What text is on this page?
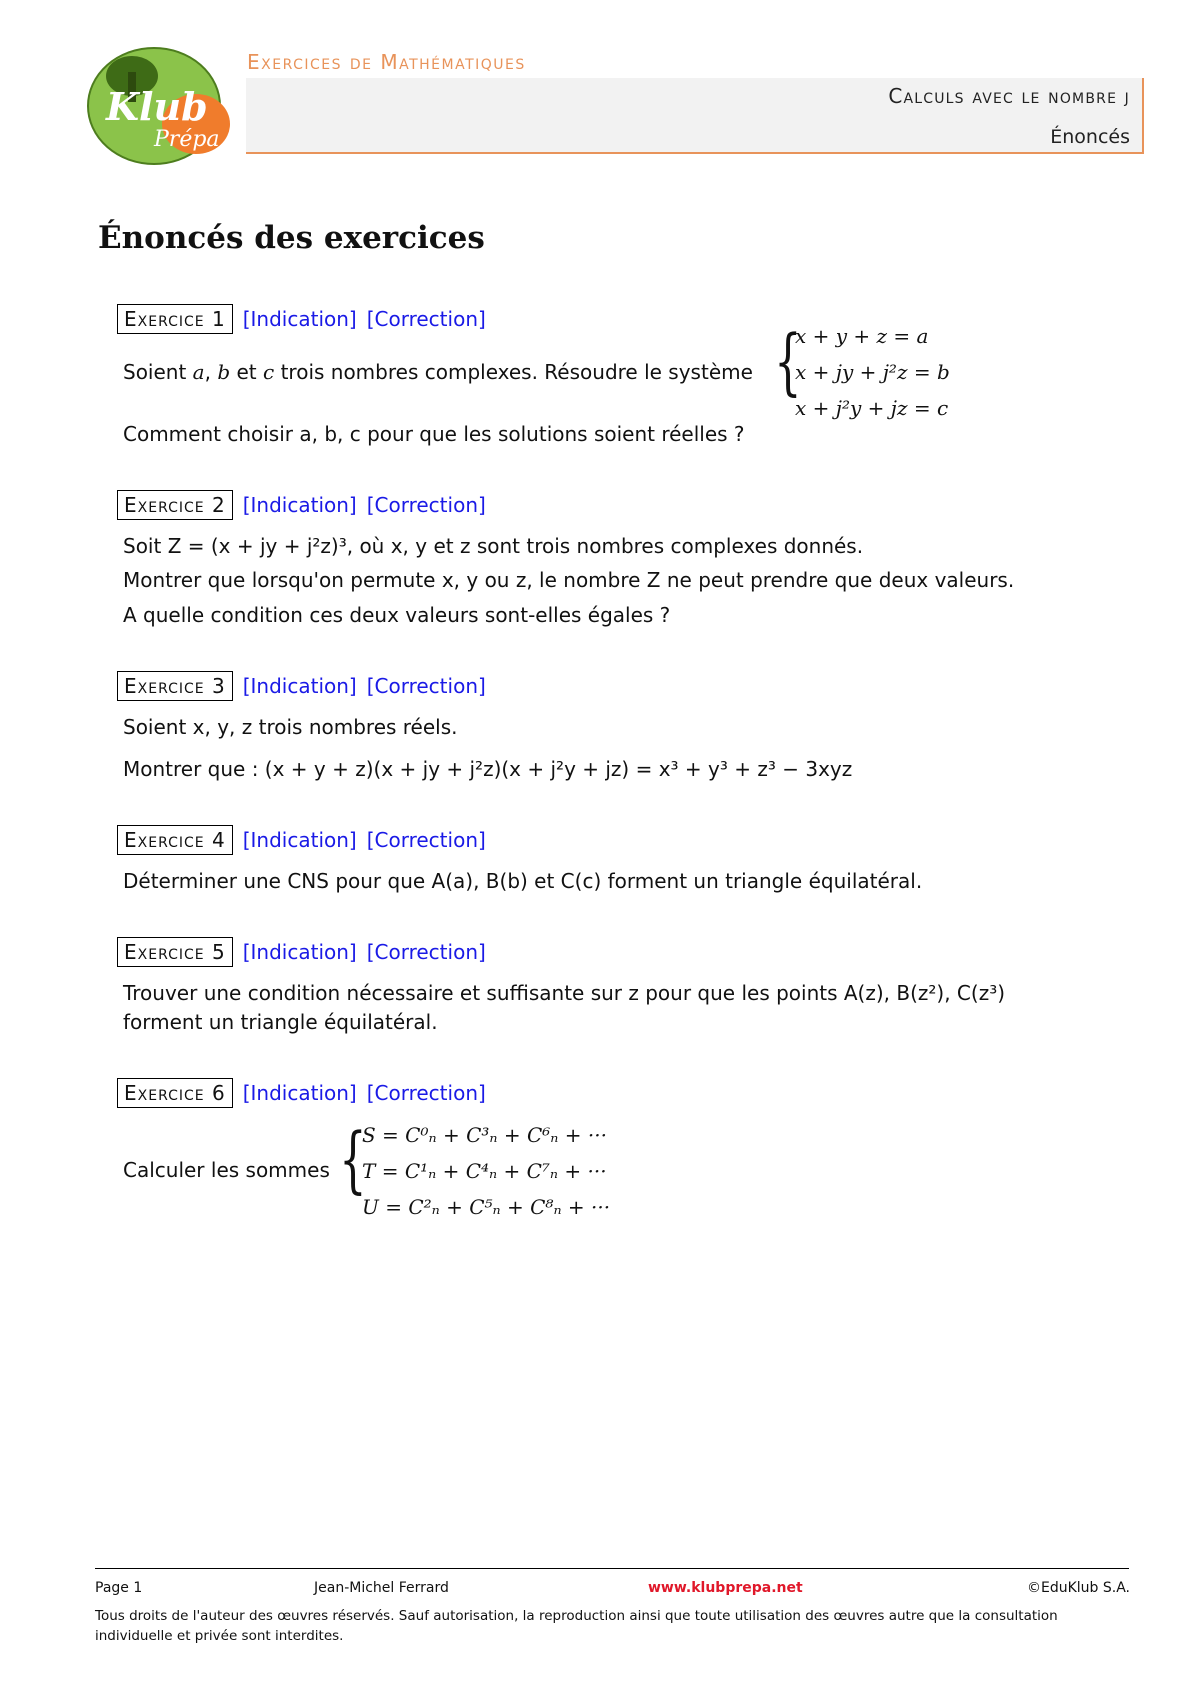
Klub
Prépa
Exercices de Mathématiques
Calculs avec le nombre j
Énoncés
Énoncés des exercices
Exercice 1 [Indication] [Correction]
Soient a, b et c trois nombres complexes. Résoudre le système {
x + y + z = a
x + jy + j²z = b
x + j²y + jz = c
Comment choisir a, b, c pour que les solutions soient réelles ?
Exercice 2 [Indication] [Correction]
Soit Z = (x + jy + j²z)³, où x, y et z sont trois nombres complexes donnés.
Montrer que lorsqu'on permute x, y ou z, le nombre Z ne peut prendre que deux valeurs.
A quelle condition ces deux valeurs sont-elles égales ?
Exercice 3 [Indication] [Correction]
Soient x, y, z trois nombres réels.
Montrer que : (x + y + z)(x + jy + j²z)(x + j²y + jz) = x³ + y³ + z³ − 3xyz
Exercice 4 [Indication] [Correction]
Déterminer une CNS pour que A(a), B(b) et C(c) forment un triangle équilatéral.
Exercice 5 [Indication] [Correction]
Trouver une condition nécessaire et suffisante sur z pour que les points A(z), B(z²), C(z³)
forment un triangle équilatéral.
Exercice 6 [Indication] [Correction]
Calculer les sommes {
S = C⁰ₙ + C³ₙ + C⁶ₙ + ···
T = C¹ₙ + C⁴ₙ + C⁷ₙ + ···
U = C²ₙ + C⁵ₙ + C⁸ₙ + ···
Page 1	Jean-Michel Ferrard	www.klubprepa.net	©EduKlub S.A.
Tous droits de l'auteur des œuvres réservés. Sauf autorisation, la reproduction ainsi que toute utilisation des œuvres autre que la consultation individuelle et privée sont interdites.
